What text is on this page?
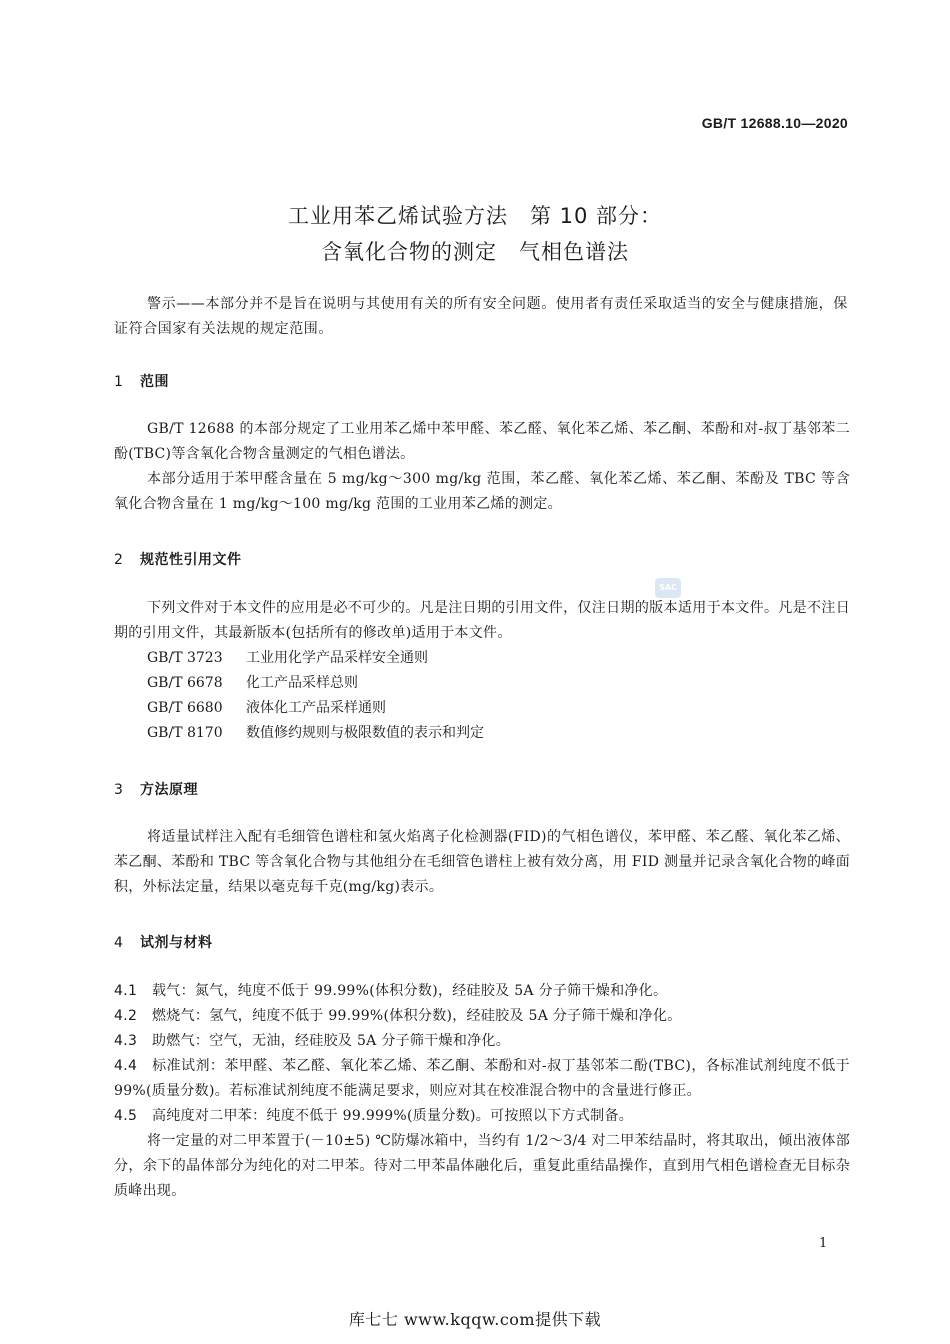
GB/T 12688.10—2020
工业用苯乙烯试验方法　第 10 部分：
含氧化合物的测定　气相色谱法
警示——本部分并不是旨在说明与其使用有关的所有安全问题。使用者有责任采取适当的安全与健康措施，保证符合国家有关法规的规定范围。
1 范围

GB/T 12688 的本部分规定了工业用苯乙烯中苯甲醛、苯乙醛、氧化苯乙烯、苯乙酮、苯酚和对-叔丁基邻苯二酚(TBC)等含氧化合物含量测定的气相色谱法。

本部分适用于苯甲醛含量在 5 mg/kg～300 mg/kg 范围，苯乙醛、氧化苯乙烯、苯乙酮、苯酚及 TBC 等含氧化合物含量在 1 mg/kg～100 mg/kg 范围的工业用苯乙烯的测定。

2 规范性引用文件

下列文件对于本文件的应用是必不可少的。凡是注日期的引用文件，仅注日期的版本适用于本文件。凡是不注日期的引用文件，其最新版本(包括所有的修改单)适用于本文件。

GB/T 3723 工业用化学产品采样安全通则
GB/T 6678 化工产品采样总则
GB/T 6680 液体化工产品采样通则
GB/T 8170 数值修约规则与极限数值的表示和判定
3 方法原理

将适量试样注入配有毛细管色谱柱和氢火焰离子化检测器(FID)的气相色谱仪，苯甲醛、苯乙醛、氧化苯乙烯、苯乙酮、苯酚和 TBC 等含氧化合物与其他组分在毛细管色谱柱上被有效分离，用 FID 测量并记录含氧化合物的峰面积，外标法定量，结果以毫克每千克(mg/kg)表示。

4 试剂与材料

4.1 载气：氮气，纯度不低于 99.99%(体积分数)，经硅胶及 5A 分子筛干燥和净化。

4.2 燃烧气：氢气，纯度不低于 99.99%(体积分数)，经硅胶及 5A 分子筛干燥和净化。

4.3 助燃气：空气，无油，经硅胶及 5A 分子筛干燥和净化。

4.4 标准试剂：苯甲醛、苯乙醛、氧化苯乙烯、苯乙酮、苯酚和对-叔丁基邻苯二酚(TBC)，各标准试剂纯度不低于 99%(质量分数)。若标准试剂纯度不能满足要求，则应对其在校准混合物中的含量进行修正。

4.5 高纯度对二甲苯：纯度不低于 99.999%(质量分数)。可按照以下方式制备。

将一定量的对二甲苯置于(－10±5) ℃防爆冰箱中，当约有 1/2～3/4 对二甲苯结晶时，将其取出，倾出液体部分，余下的晶体部分为纯化的对二甲苯。待对二甲苯晶体融化后，重复此重结晶操作，直到用气相色谱检查无目标杂质峰出现。

SAC
1
库七七 www.kqqw.com提供下载
